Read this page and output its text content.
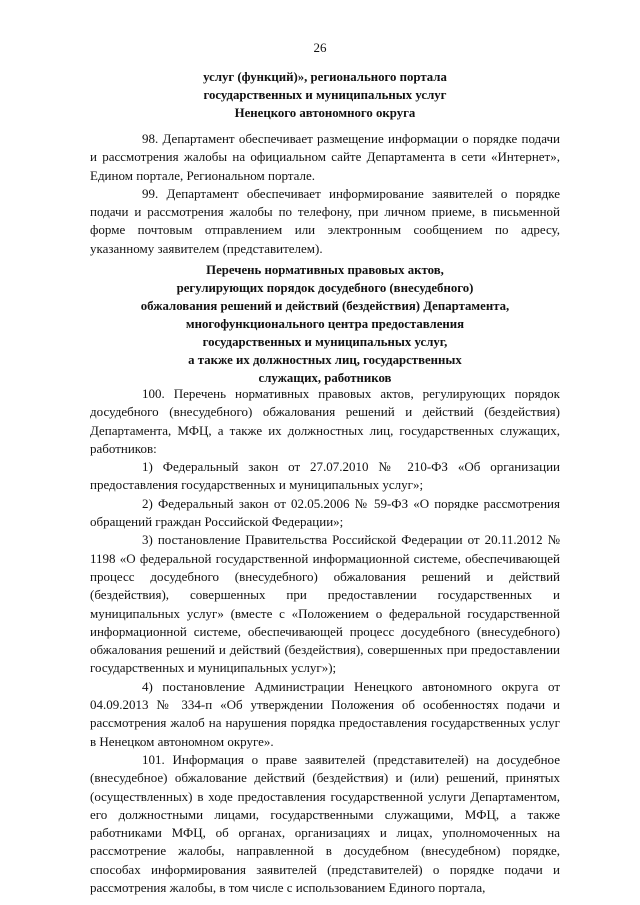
26
услуг (функций)», регионального портала
государственных и муниципальных услуг
Ненецкого автономного округа

98. Департамент обеспечивает размещение информации о порядке подачи и рассмотрения жалобы на официальном сайте Департамента в сети «Интернет», Едином портале, Региональном портале.

99. Департамент обеспечивает информирование заявителей о порядке подачи и рассмотрения жалобы по телефону, при личном приеме, в письменной форме почтовым отправлением или электронным сообщением по адресу, указанному заявителем (представителем).

Перечень нормативных правовых актов,
регулирующих порядок досудебного (внесудебного)
обжалования решений и действий (бездействия) Департамента,
многофункционального центра предоставления
государственных и муниципальных услуг,
а также их должностных лиц, государственных
служащих, работников

100. Перечень нормативных правовых актов, регулирующих порядок досудебного (внесудебного) обжалования решений и действий (бездействия) Департамента, МФЦ, а также их должностных лиц, государственных служащих, работников:

1) Федеральный закон от 27.07.2010 № 210-ФЗ «Об организации предоставления государственных и муниципальных услуг»;

2) Федеральный закон от 02.05.2006 № 59-ФЗ «О порядке рассмотрения обращений граждан Российской Федерации»;

3) постановление Правительства Российской Федерации от 20.11.2012 № 1198 «О федеральной государственной информационной системе, обеспечивающей процесс досудебного (внесудебного) обжалования решений и действий (бездействия), совершенных при предоставлении государственных и муниципальных услуг» (вместе с «Положением о федеральной государственной информационной системе, обеспечивающей процесс досудебного (внесудебного) обжалования решений и действий (бездействия), совершенных при предоставлении государственных и муниципальных услуг»);

4) постановление Администрации Ненецкого автономного округа от 04.09.2013 № 334-п «Об утверждении Положения об особенностях подачи и рассмотрения жалоб на нарушения порядка предоставления государственных услуг в Ненецком автономном округе».

101. Информация о праве заявителей (представителей) на досудебное (внесудебное) обжалование действий (бездействия) и (или) решений, принятых (осуществленных) в ходе предоставления государственной услуги Департаментом, его должностными лицами, государственными служащими, МФЦ, а также работниками МФЦ, об органах, организациях и лицах, уполномоченных на рассмотрение жалобы, направленной в досудебном (внесудебном) порядке, способах информирования заявителей (представителей) о порядке подачи и рассмотрения жалобы, в том числе с использованием Единого портала,
